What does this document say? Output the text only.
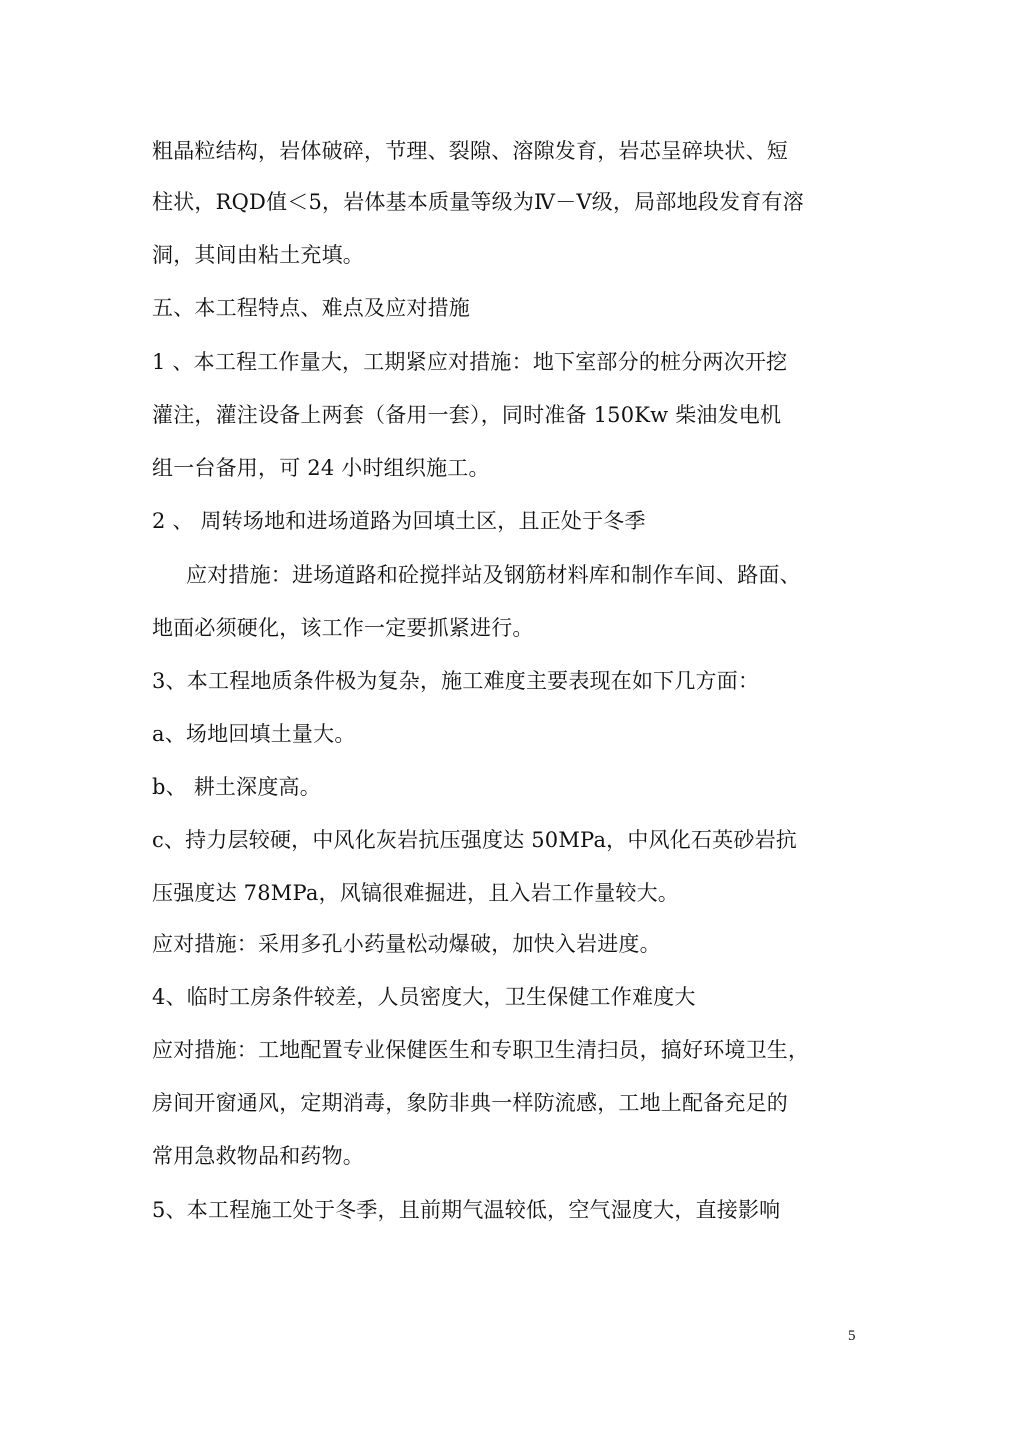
粗晶粒结构，岩体破碎，节理、裂隙、溶隙发育，岩芯呈碎块状、短
柱状，RQD值＜5，岩体基本质量等级为Ⅳ－Ⅴ级，局部地段发育有溶
洞，其间由粘土充填。
五、本工程特点、难点及应对措施
1 、本工程工作量大，工期紧应对措施：地下室部分的桩分两次开挖
灌注，灌注设备上两套（备用一套），同时准备 150Kw 柴油发电机
组一台备用，可 24 小时组织施工。
2 、 周转场地和进场道路为回填土区，且正处于冬季
应对措施：进场道路和砼搅拌站及钢筋材料库和制作车间、路面、
地面必须硬化，该工作一定要抓紧进行。
3、本工程地质条件极为复杂，施工难度主要表现在如下几方面：
a、场地回填土量大。
b、 耕土深度高。
c、持力层较硬，中风化灰岩抗压强度达 50MPa，中风化石英砂岩抗
压强度达 78MPa，风镐很难掘进，且入岩工作量较大。
应对措施：采用多孔小药量松动爆破，加快入岩进度。
4、临时工房条件较差，人员密度大，卫生保健工作难度大
应对措施：工地配置专业保健医生和专职卫生清扫员，搞好环境卫生，
房间开窗通风，定期消毒，象防非典一样防流感，工地上配备充足的
常用急救物品和药物。
5、本工程施工处于冬季，且前期气温较低，空气湿度大，直接影响
5
